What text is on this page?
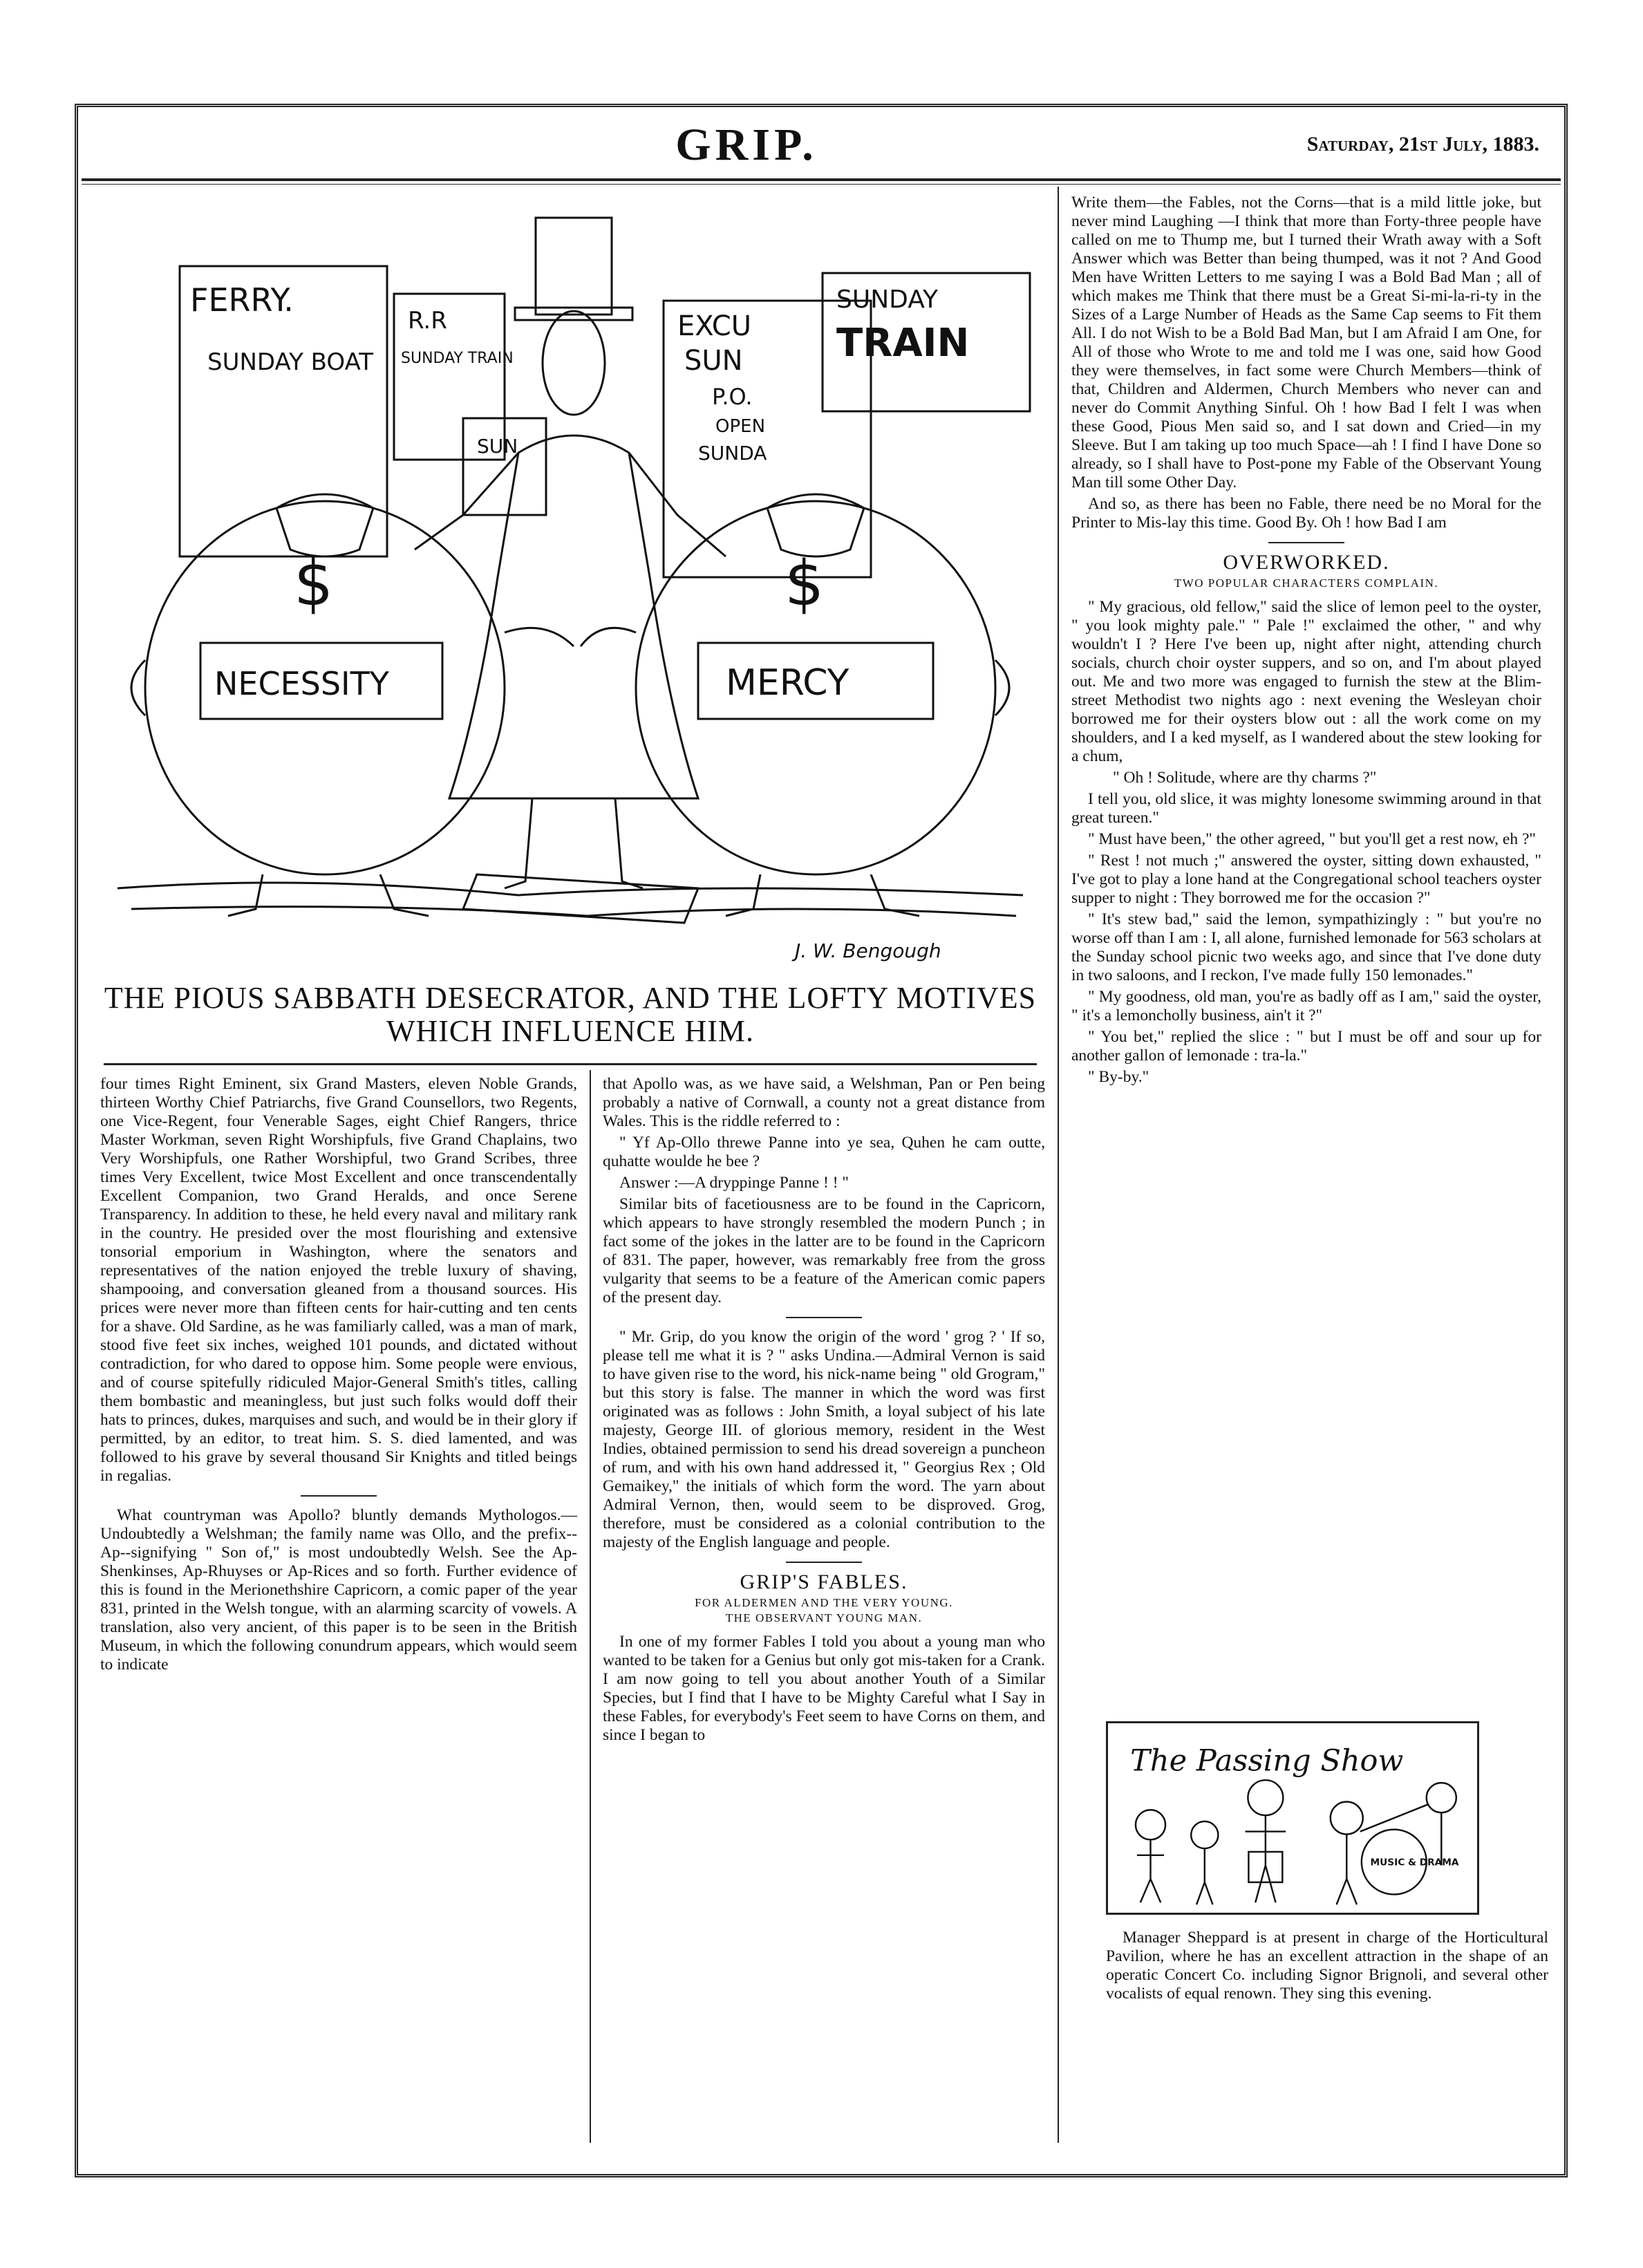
GRIP.	Saturday, 21st July, 1883.
FERRY.
SUNDAY BOAT
R.R
SUNDAY TRAIN
SUN
EXCU
SUN
P.O.
OPEN
SUNDA
SUNDAY
TRAIN
$	$
NECESSITY	MERCY
J. W. Bengough
THE PIOUS SABBATH DESECRATOR, AND THE LOFTY MOTIVES
WHICH INFLUENCE HIM.

four times Right Eminent, six Grand Masters, eleven Noble Grands, thirteen Worthy Chief Patriarchs, five Grand Counsellors, two Regents, one Vice-Regent, four Venerable Sages, eight Chief Rangers, thrice Master Workman, seven Right Worshipfuls, five Grand Chaplains, two Very Worshipfuls, one Rather Worshipful, two Grand Scribes, three times Very Excellent, twice Most Excellent and once transcendentally Excellent Companion, two Grand Heralds, and once Serene Transparency. In addition to these, he held every naval and military rank in the country. He presided over the most flourishing and extensive tonsorial emporium in Washington, where the senators and representatives of the nation enjoyed the treble luxury of shaving, shampooing, and conversation gleaned from a thousand sources. His prices were never more than fifteen cents for hair-cutting and ten cents for a shave. Old Sardine, as he was familiarly called, was a man of mark, stood five feet six inches, weighed 101 pounds, and dictated without contradiction, for who dared to oppose him. Some people were envious, and of course spitefully ridiculed Major-General Smith's titles, calling them bombastic and meaningless, but just such folks would doff their hats to princes, dukes, marquises and such, and would be in their glory if permitted, by an editor, to treat him. S. S. died lamented, and was followed to his grave by several thousand Sir Knights and titled beings in regalias.

What countryman was Apollo? bluntly demands Mythologos.—Undoubtedly a Welshman; the family name was Ollo, and the prefix--Ap--signifying " Son of," is most undoubtedly Welsh. See the Ap-Shenkinses, Ap-Rhuyses or Ap-Rices and so forth. Further evidence of this is found in the Merionethshire Capricorn, a comic paper of the year 831, printed in the Welsh tongue, with an alarming scarcity of vowels. A translation, also very ancient, of this paper is to be seen in the British Museum, in which the following conundrum appears, which would seem to indicate

that Apollo was, as we have said, a Welshman, Pan or Pen being probably a native of Cornwall, a county not a great distance from Wales. This is the riddle referred to :

" Yf Ap-Ollo threwe Panne into ye sea, Quhen he cam outte, quhatte woulde he bee ?

Answer :—A dryppinge Panne ! ! "

Similar bits of facetiousness are to be found in the Capricorn, which appears to have strongly resembled the modern Punch ; in fact some of the jokes in the latter are to be found in the Capricorn of 831. The paper, however, was remarkably free from the gross vulgarity that seems to be a feature of the American comic papers of the present day.

" Mr. Grip, do you know the origin of the word ' grog ? ' If so, please tell me what it is ? " asks Undina.—Admiral Vernon is said to have given rise to the word, his nick-name being " old Grogram," but this story is false. The manner in which the word was first originated was as follows : John Smith, a loyal subject of his late majesty, George III. of glorious memory, resident in the West Indies, obtained permission to send his dread sovereign a puncheon of rum, and with his own hand addressed it, " Georgius Rex ; Old Gemaikey," the initials of which form the word. The yarn about Admiral Vernon, then, would seem to be disproved. Grog, therefore, must be considered as a colonial contribution to the majesty of the English language and people.

GRIP'S FABLES.
FOR ALDERMEN AND THE VERY YOUNG.
THE OBSERVANT YOUNG MAN.

In one of my former Fables I told you about a young man who wanted to be taken for a Genius but only got mis-taken for a Crank. I am now going to tell you about another Youth of a Similar Species, but I find that I have to be Mighty Careful what I Say in these Fables, for everybody's Feet seem to have Corns on them, and since I began to

Write them—the Fables, not the Corns—that is a mild little joke, but never mind Laughing —I think that more than Forty-three people have called on me to Thump me, but I turned their Wrath away with a Soft Answer which was Better than being thumped, was it not ? And Good Men have Written Letters to me saying I was a Bold Bad Man ; all of which makes me Think that there must be a Great Si-mi-la-ri-ty in the Sizes of a Large Number of Heads as the Same Cap seems to Fit them All. I do not Wish to be a Bold Bad Man, but I am Afraid I am One, for All of those who Wrote to me and told me I was one, said how Good they were themselves, in fact some were Church Members—think of that, Children and Aldermen, Church Members who never can and never do Commit Anything Sinful. Oh ! how Bad I felt I was when these Good, Pious Men said so, and I sat down and Cried—in my Sleeve. But I am taking up too much Space—ah ! I find I have Done so already, so I shall have to Post-pone my Fable of the Observant Young Man till some Other Day.

And so, as there has been no Fable, there need be no Moral for the Printer to Mis-lay this time. Good By. Oh ! how Bad I am

OVERWORKED.
TWO POPULAR CHARACTERS COMPLAIN.

" My gracious, old fellow," said the slice of lemon peel to the oyster, " you look mighty pale." " Pale !" exclaimed the other, " and why wouldn't I ? Here I've been up, night after night, attending church socials, church choir oyster suppers, and so on, and I'm about played out. Me and two more was engaged to furnish the stew at the Blim-street Methodist two nights ago : next evening the Wesleyan choir borrowed me for their oysters blow out : all the work come on my shoulders, and I a ked myself, as I wandered about the stew looking for a chum,

" Oh ! Solitude, where are thy charms ?"

I tell you, old slice, it was mighty lonesome swimming around in that great tureen."

" Must have been," the other agreed, " but you'll get a rest now, eh ?"

" Rest ! not much ;" answered the oyster, sitting down exhausted, " I've got to play a lone hand at the Congregational school teachers oyster supper to night : They borrowed me for the occasion ?"

" It's stew bad," said the lemon, sympathizingly : " but you're no worse off than I am : I, all alone, furnished lemonade for 563 scholars at the Sunday school picnic two weeks ago, and since that I've done duty in two saloons, and I reckon, I've made fully 150 lemonades."

" My goodness, old man, you're as badly off as I am," said the oyster, " it's a lemoncholly business, ain't it ?"

" You bet," replied the slice : " but I must be off and sour up for another gallon of lemonade : tra-la."

" By-by."

The Passing Show
MUSIC & DRAMA

Manager Sheppard is at present in charge of the Horticultural Pavilion, where he has an excellent attraction in the shape of an operatic Concert Co. including Signor Brignoli, and several other vocalists of equal renown. They sing this evening.
